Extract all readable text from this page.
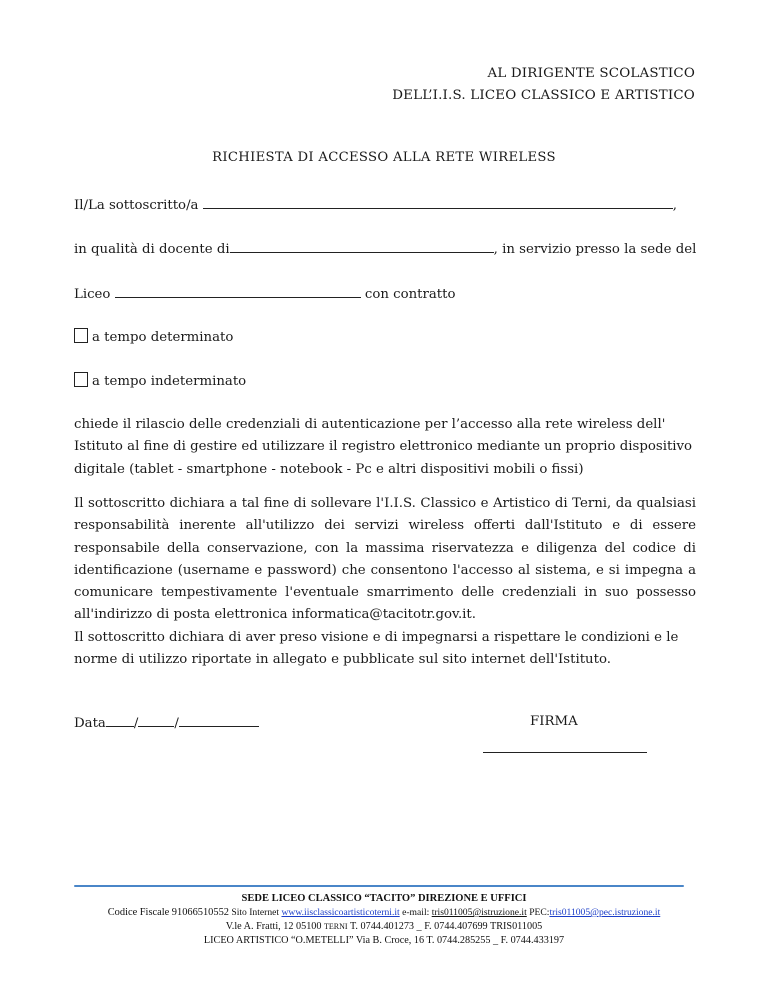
AL DIRIGENTE SCOLASTICO
DELL’I.I.S. LICEO CLASSICO E ARTISTICO
RICHIESTA DI ACCESSO ALLA RETE WIRELESS
Il/La sottoscritto/a	,
in qualità di docente di	, in servizio presso la sede del
Liceo	con contratto
a tempo determinato
a tempo indeterminato
chiede il rilascio delle credenziali di autenticazione per l’accesso alla rete wireless dell' Istituto al fine di gestire ed utilizzare il registro elettronico mediante un proprio dispositivo digitale (tablet - smartphone - notebook - Pc e altri dispositivi mobili o fissi)
Il sottoscritto dichiara a tal fine di sollevare l'I.I.S. Classico e Artistico di Terni, da qualsiasi responsabilità inerente all'utilizzo dei servizi wireless offerti dall'Istituto e di essere responsabile della conservazione, con la massima riservatezza e diligenza del codice di identificazione (username e password) che consentono l'accesso al sistema, e si impegna a comunicare tempestivamente l'eventuale smarrimento delle credenziali in suo possesso all'indirizzo di posta elettronica informatica@tacitotr.gov.it.
Il sottoscritto dichiara di aver preso visione e di impegnarsi a rispettare le condizioni e le norme di utilizzo riportate in allegato e pubblicate sul sito internet dell'Istituto.
Data /	/	FIRMA
SEDE LICEO CLASSICO “TACITO” DIREZIONE E UFFICI
Codice Fiscale 91066510552 Sito Internet www.iisclassicoartisticoterni.it e-mail: tris011005@istruzione.it PEC:tris011005@pec.istruzione.it
V.le A. Fratti, 12 05100 TERNI T. 0744.401273 _ F. 0744.407699 TRIS011005
LICEO ARTISTICO “O.METELLI” Via B. Croce, 16 T. 0744.285255 _ F. 0744.433197
